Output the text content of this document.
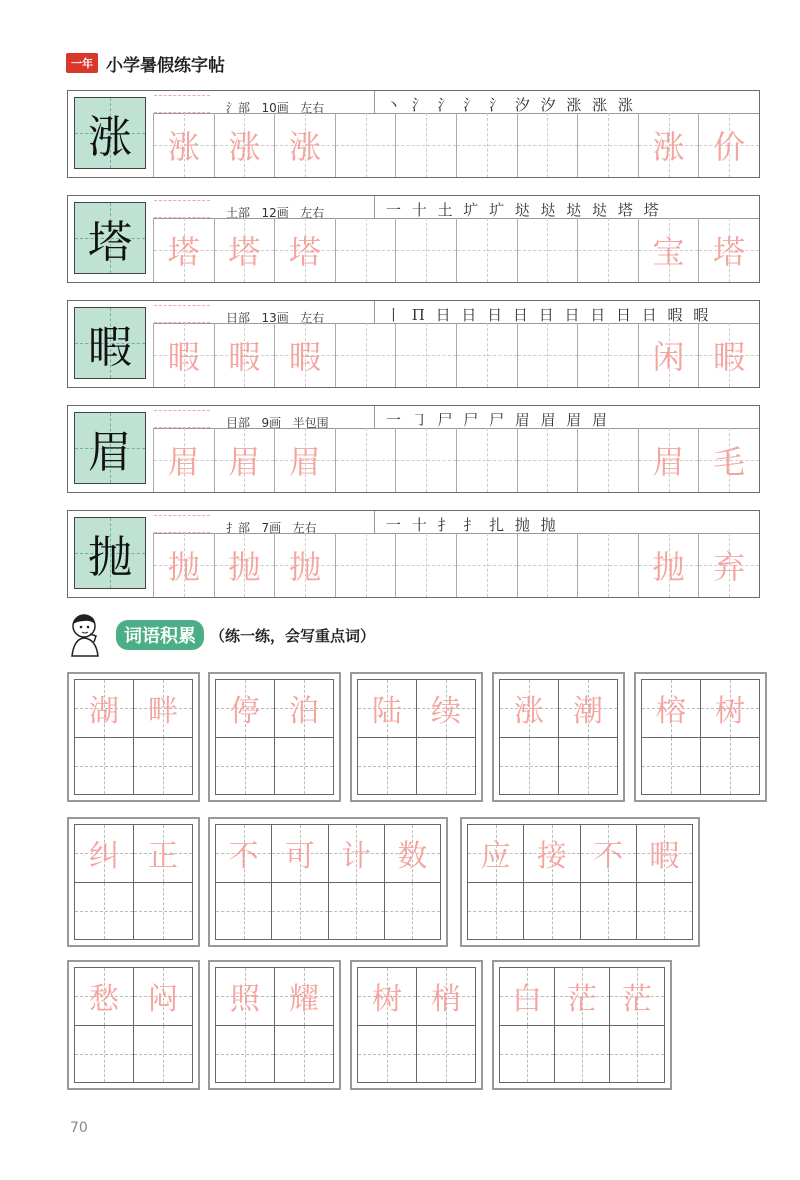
一年 小学暑假练字帖
涨
氵部 10画 左右	丶 氵 氵 氵 氵 汐 汐 涨 涨 涨
涨 涨 涨	涨 价
塔
土部 12画 左右	一 十 土 圹 圹 垯 垯 垯 垯 塔 塔
塔 塔 塔	宝 塔
暇
日部 13画 左右	丨 Π 日 日 日 日 日 日 日 日 日 暇 暇
暇 暇 暇	闲 暇
眉
目部 9画 半包围	一 ㇆ 尸 尸 尸 眉 眉 眉 眉
眉 眉 眉	眉 毛
抛
扌部 7画 左右	一 十 扌 扌 扎 抛 抛
抛 抛 抛	抛 弃
词语积累 （练一练，会写重点词）
湖 畔 停 泊 陆 续 涨 潮 榕 树
纠 正 不 可 计 数 应 接 不 暇
愁 闷 照 耀 树 梢 白 茫 茫
70
